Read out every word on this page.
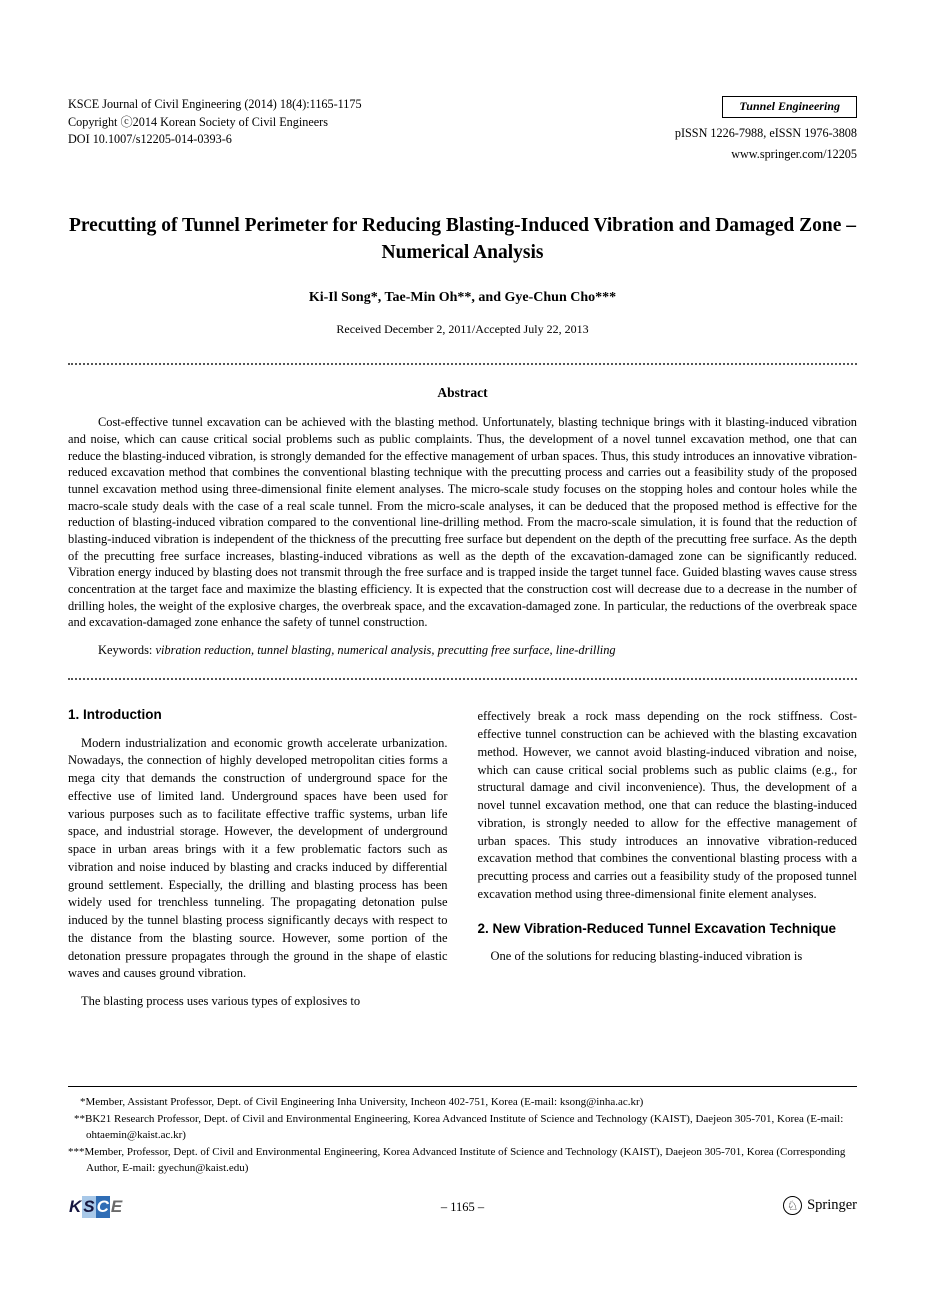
KSCE Journal of Civil Engineering (2014) 18(4):1165-1175
Copyright ⓒ2014 Korean Society of Civil Engineers
DOI 10.1007/s12205-014-0393-6
Tunnel Engineering
pISSN 1226-7988, eISSN 1976-3808
www.springer.com/12205
Precutting of Tunnel Perimeter for Reducing Blasting-Induced Vibration and Damaged Zone – Numerical Analysis
Ki-Il Song*, Tae-Min Oh**, and Gye-Chun Cho***
Received December 2, 2011/Accepted July 22, 2013
Abstract

Cost-effective tunnel excavation can be achieved with the blasting method. Unfortunately, blasting technique brings with it blasting-induced vibration and noise, which can cause critical social problems such as public complaints. Thus, the development of a novel tunnel excavation method, one that can reduce the blasting-induced vibration, is strongly demanded for the effective management of urban spaces. Thus, this study introduces an innovative vibration-reduced excavation method that combines the conventional blasting technique with the precutting process and carries out a feasibility study of the proposed tunnel excavation method using three-dimensional finite element analyses. The micro-scale study focuses on the stopping holes and contour holes while the macro-scale study deals with the case of a real scale tunnel. From the micro-scale analyses, it can be deduced that the proposed method is effective for the reduction of blasting-induced vibration compared to the conventional line-drilling method. From the macro-scale simulation, it is found that the reduction of blasting-induced vibration is independent of the thickness of the precutting free surface but dependent on the depth of the precutting free surface. As the depth of the precutting free surface increases, blasting-induced vibrations as well as the depth of the excavation-damaged zone can be significantly reduced. Vibration energy induced by blasting does not transmit through the free surface and is trapped inside the target tunnel face. Guided blasting waves cause stress concentration at the target face and maximize the blasting efficiency. It is expected that the construction cost will decrease due to a decrease in the number of drilling holes, the weight of the explosive charges, the overbreak space, and the excavation-damaged zone. In particular, the reductions of the overbreak space and excavation-damaged zone enhance the safety of tunnel construction.

Keywords: vibration reduction, tunnel blasting, numerical analysis, precutting free surface, line-drilling
1. Introduction

Modern industrialization and economic growth accelerate urbanization. Nowadays, the connection of highly developed metropolitan cities forms a mega city that demands the construction of underground space for the effective use of limited land. Underground spaces have been used for various purposes such as to facilitate effective traffic systems, urban life space, and industrial storage. However, the development of underground space in urban areas brings with it a few problematic factors such as vibration and noise induced by blasting and cracks induced by differential ground settlement. Especially, the drilling and blasting process has been widely used for trenchless tunneling. The propagating detonation pulse induced by the tunnel blasting process significantly decays with respect to the distance from the blasting source. However, some portion of the detonation pressure propagates through the ground in the shape of elastic waves and causes ground vibration.

The blasting process uses various types of explosives to

effectively break a rock mass depending on the rock stiffness. Cost-effective tunnel construction can be achieved with the blasting excavation method. However, we cannot avoid blasting-induced vibration and noise, which can cause critical social problems such as public claims (e.g., for structural damage and civil inconvenience). Thus, the development of a novel tunnel excavation method, one that can reduce the blasting-induced vibration, is strongly needed to allow for the effective management of urban spaces. This study introduces an innovative vibration-reduced excavation method that combines the conventional blasting process with a precutting process and carries out a feasibility study of the proposed tunnel excavation method using three-dimensional finite element analyses.

2. New Vibration-Reduced Tunnel Excavation Technique

One of the solutions for reducing blasting-induced vibration is

*Member, Assistant Professor, Dept. of Civil Engineering Inha University, Incheon 402-751, Korea (E-mail: ksong@inha.ac.kr)
**BK21 Research Professor, Dept. of Civil and Environmental Engineering, Korea Advanced Institute of Science and Technology (KAIST), Daejeon 305-701, Korea (E-mail: ohtaemin@kaist.ac.kr)
***Member, Professor, Dept. of Civil and Environmental Engineering, Korea Advanced Institute of Science and Technology (KAIST), Daejeon 305-701, Korea (Corresponding Author, E-mail: gyechun@kaist.edu)
K S C E	– 1165 –	♘ Springer
